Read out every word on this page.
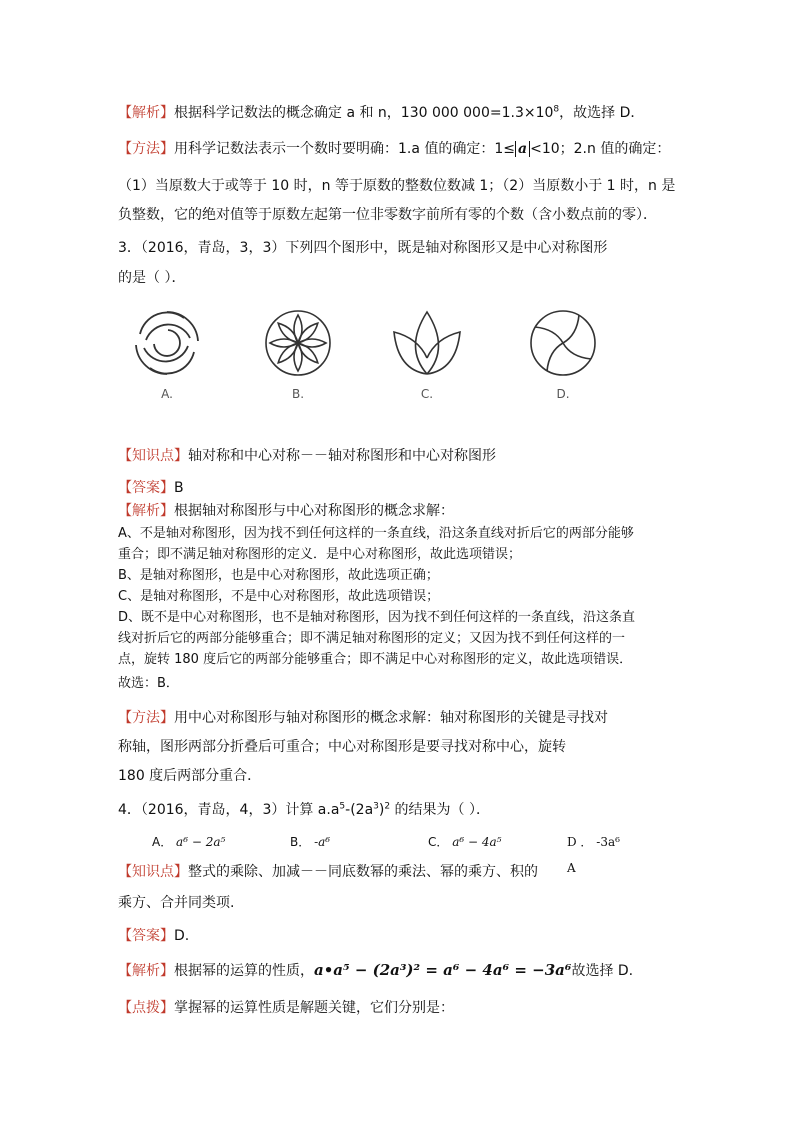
【解析】根据科学记数法的概念确定 a 和 n，130 000 $000=1.3\times 10^8$，故选择 D．
【方法】用科学记数法表示一个数时要明确：1.a 值的确定：1≤ a <10；2.n 值的确定：
（1）当原数大于或等于 10 时，n 等于原数的整数位数减 1；（2）当原数小于 1 时，n 是
负整数，它的绝对值等于原数左起第一位非零数字前所有零的个数（含小数点前的零）．
3．（2016，青岛，3，3）下列四个图形中，既是轴对称图形又是中心对称图形
的是（ ）．
A.	B.	C.	D.
【知识点】轴对称和中心对称－－轴对称图形和中心对称图形
【答案】B
【解析】根据轴对称图形与中心对称图形的概念求解：
A、不是轴对称图形，因为找不到任何这样的一条直线，沿这条直线对折后它的两部分能够
重合；即不满足轴对称图形的定义．是中心对称图形，故此选项错误；
B、是轴对称图形，也是中心对称图形，故此选项正确；
C、是轴对称图形，不是中心对称图形，故此选项错误；
D、既不是中心对称图形，也不是轴对称图形，因为找不到任何这样的一条直线，沿这条直
线对折后它的两部分能够重合；即不满足轴对称图形的定义；又因为找不到任何这样的一
点，旋转 180 度后它的两部分能够重合；即不满足中心对称图形的定义，故此选项错误．
故选：B．
【方法】用中心对称图形与轴对称图形的概念求解：轴对称图形的关键是寻找对
称轴，图形两部分折叠后可重合；中心对称图形是要寻找对称中心，旋转
180 度后两部分重合．
4．（2016，青岛，4，3）计算 $a.a^5-(2a^3)^2$ 的结果为（ ）．
A． a⁶ − 2a⁵	B． -a⁶	C． a⁶ − 4a⁵	D ． -3a⁶
【知识点】整式的乘除、加减－－同底数幂的乘法、幂的乘方、积的 A
乘方、合并同类项.
【答案】D.
【解析】根据幂的运算的性质，a•a⁵ − (2a³)² = a⁶ − 4a⁶ = −3a⁶故选择 D.
【点拨】掌握幂的运算性质是解题关键，它们分别是：
